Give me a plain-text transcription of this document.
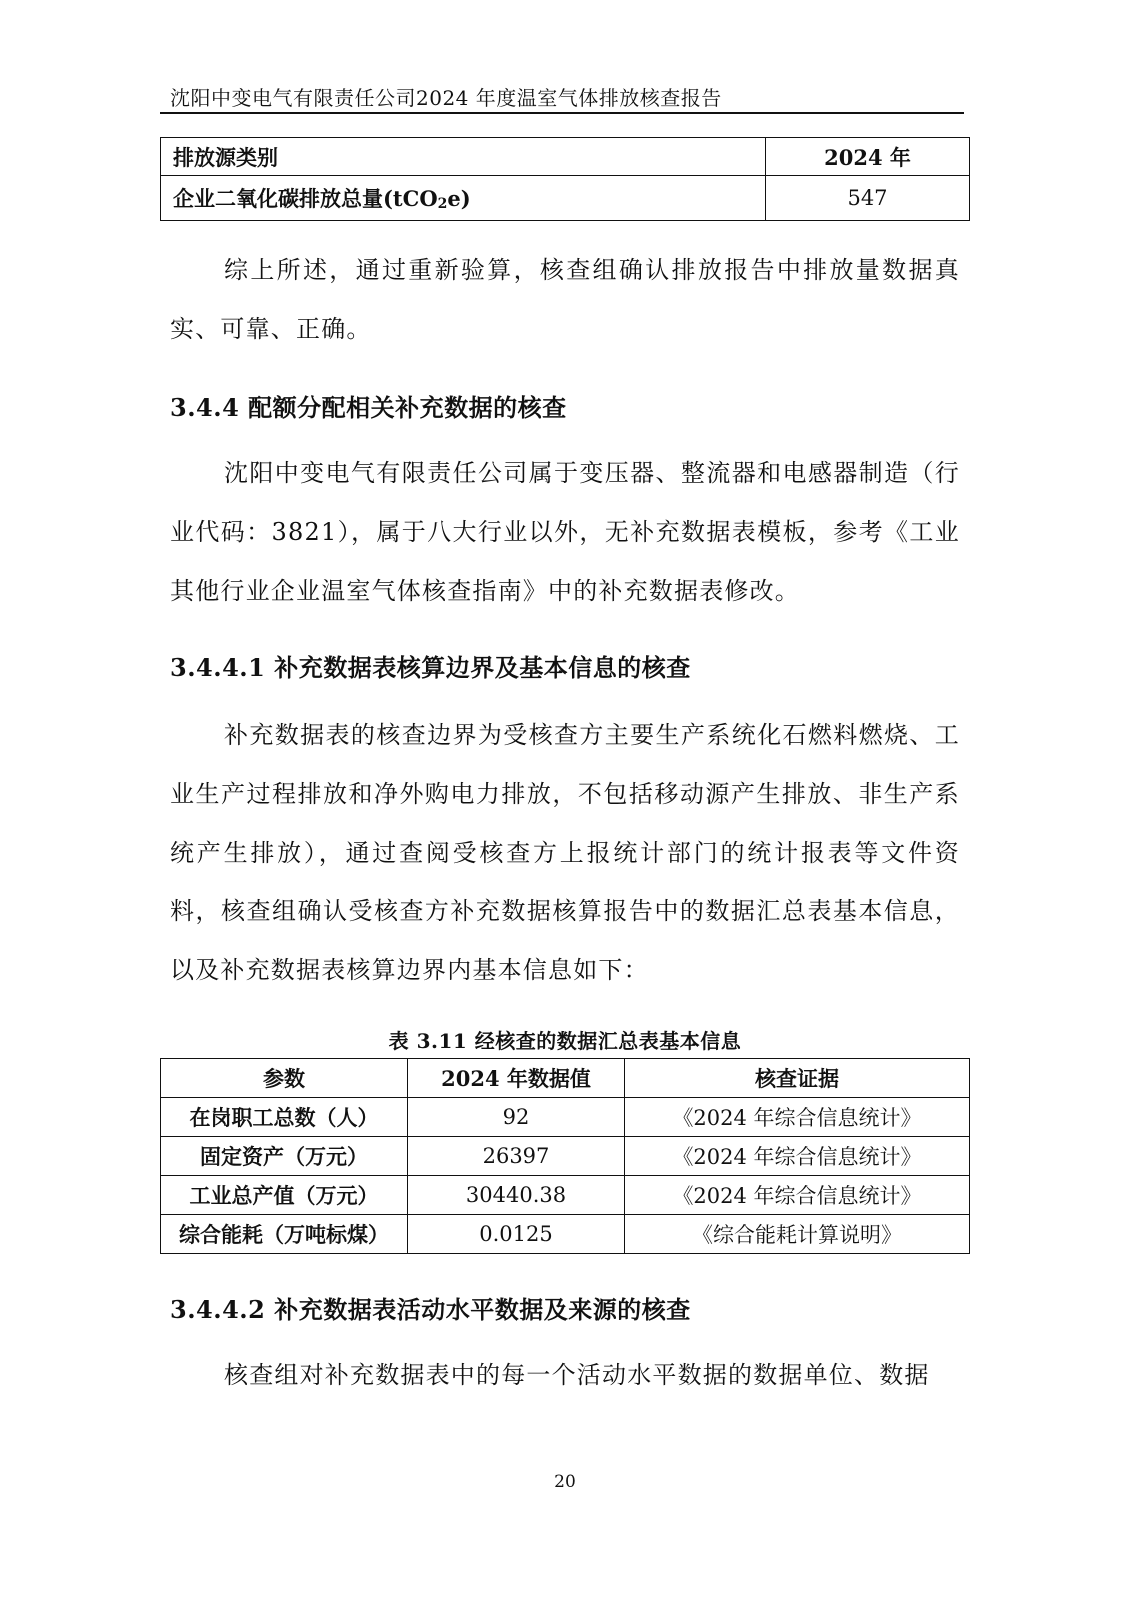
沈阳中变电气有限责任公司2024 年度温室气体排放核查报告
排放源类别	2024 年
企业二氧化碳排放总量(tCO$_2$e)	547
综上所述，通过重新验算，核查组确认排放报告中排放量数据真实、可靠、正确。
3.4.4 配额分配相关补充数据的核查
沈阳中变电气有限责任公司属于变压器、整流器和电感器制造（行业代码：3821），属于八大行业以外，无补充数据表模板，参考《工业其他行业企业温室气体核查指南》中的补充数据表修改。
3.4.4.1 补充数据表核算边界及基本信息的核查
补充数据表的核查边界为受核查方主要生产系统化石燃料燃烧、工业生产过程排放和净外购电力排放，不包括移动源产生排放、非生产系统产生排放），通过查阅受核查方上报统计部门的统计报表等文件资料，核查组确认受核查方补充数据核算报告中的数据汇总表基本信息，以及补充数据表核算边界内基本信息如下：
表 3.11 经核查的数据汇总表基本信息
参数	2024 年数据值	核查证据
在岗职工总数（人）	92	《2024 年综合信息统计》
固定资产（万元）	26397	《2024 年综合信息统计》
工业总产值（万元）	30440.38	《2024 年综合信息统计》
综合能耗（万吨标煤）	0.0125	《综合能耗计算说明》
3.4.4.2 补充数据表活动水平数据及来源的核查
核查组对补充数据表中的每一个活动水平数据的数据单位、数据
20
